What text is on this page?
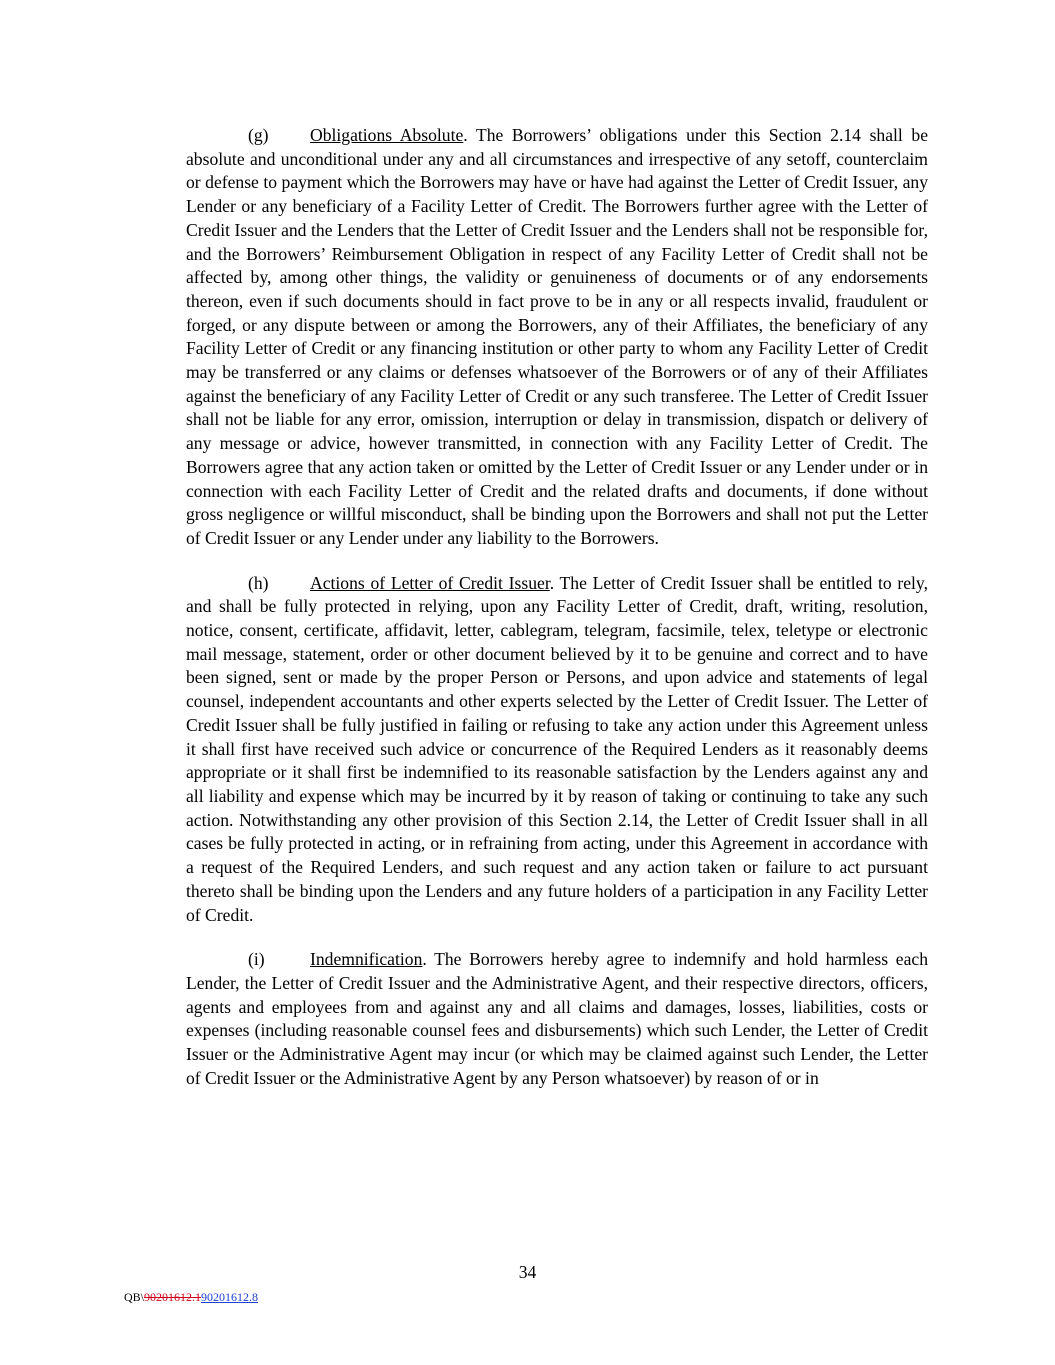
(g) Obligations Absolute. The Borrowers’ obligations under this Section 2.14 shall be absolute and unconditional under any and all circumstances and irrespective of any setoff, counterclaim or defense to payment which the Borrowers may have or have had against the Letter of Credit Issuer, any Lender or any beneficiary of a Facility Letter of Credit. The Borrowers further agree with the Letter of Credit Issuer and the Lenders that the Letter of Credit Issuer and the Lenders shall not be responsible for, and the Borrowers’ Reimbursement Obligation in respect of any Facility Letter of Credit shall not be affected by, among other things, the validity or genuineness of documents or of any endorsements thereon, even if such documents should in fact prove to be in any or all respects invalid, fraudulent or forged, or any dispute between or among the Borrowers, any of their Affiliates, the beneficiary of any Facility Letter of Credit or any financing institution or other party to whom any Facility Letter of Credit may be transferred or any claims or defenses whatsoever of the Borrowers or of any of their Affiliates against the beneficiary of any Facility Letter of Credit or any such transferee. The Letter of Credit Issuer shall not be liable for any error, omission, interruption or delay in transmission, dispatch or delivery of any message or advice, however transmitted, in connection with any Facility Letter of Credit. The Borrowers agree that any action taken or omitted by the Letter of Credit Issuer or any Lender under or in connection with each Facility Letter of Credit and the related drafts and documents, if done without gross negligence or willful misconduct, shall be binding upon the Borrowers and shall not put the Letter of Credit Issuer or any Lender under any liability to the Borrowers.

(h) Actions of Letter of Credit Issuer. The Letter of Credit Issuer shall be entitled to rely, and shall be fully protected in relying, upon any Facility Letter of Credit, draft, writing, resolution, notice, consent, certificate, affidavit, letter, cablegram, telegram, facsimile, telex, teletype or electronic mail message, statement, order or other document believed by it to be genuine and correct and to have been signed, sent or made by the proper Person or Persons, and upon advice and statements of legal counsel, independent accountants and other experts selected by the Letter of Credit Issuer. The Letter of Credit Issuer shall be fully justified in failing or refusing to take any action under this Agreement unless it shall first have received such advice or concurrence of the Required Lenders as it reasonably deems appropriate or it shall first be indemnified to its reasonable satisfaction by the Lenders against any and all liability and expense which may be incurred by it by reason of taking or continuing to take any such action. Notwithstanding any other provision of this Section 2.14, the Letter of Credit Issuer shall in all cases be fully protected in acting, or in refraining from acting, under this Agreement in accordance with a request of the Required Lenders, and such request and any action taken or failure to act pursuant thereto shall be binding upon the Lenders and any future holders of a participation in any Facility Letter of Credit.

(i)	Indemnification. The Borrowers hereby agree to indemnify and hold harmless each Lender, the Letter of Credit Issuer and the Administrative Agent, and their respective directors, officers, agents and employees from and against any and all claims and damages, losses, liabilities, costs or expenses (including reasonable counsel fees and disbursements) which such Lender, the Letter of Credit Issuer or the Administrative Agent may incur (or which may be claimed against such Lender, the Letter of Credit Issuer or the Administrative Agent by any Person whatsoever) by reason of or in

34
QB\90201612.190201612.8
